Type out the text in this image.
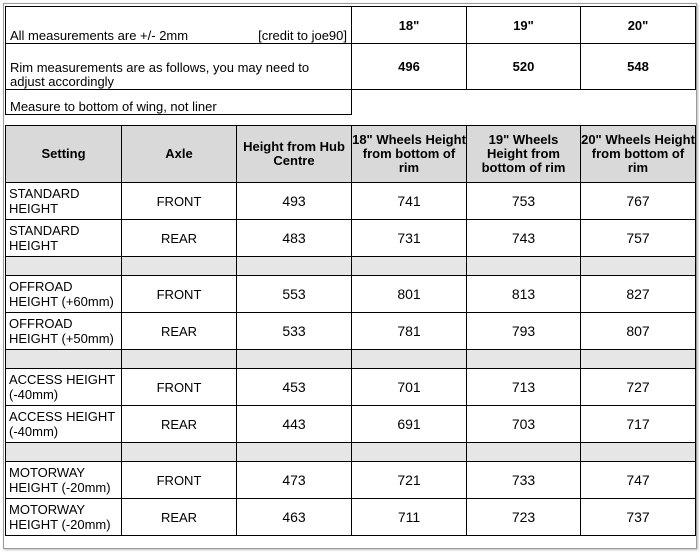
All measurements are +/- 2mm [credit to joe90]	18"	19"	20"
Rim measurements are as follows, you may need to adjust accordingly	496	520	548
Measure to bottom of wing, not liner			
Setting	Axle	Height from Hub Centre	18" Wheels Height from bottom of rim	19" Wheels Height from bottom of rim	20" Wheels Height from bottom of rim
STANDARD HEIGHT	FRONT	493	741	753	767
STANDARD HEIGHT	REAR	483	731	743	757

OFFROAD HEIGHT (+60mm)	FRONT	553	801	813	827
OFFROAD HEIGHT (+50mm)	REAR	533	781	793	807

ACCESS HEIGHT (-40mm)	FRONT	453	701	713	727
ACCESS HEIGHT (-40mm)	REAR	443	691	703	717

MOTORWAY HEIGHT (-20mm)	FRONT	473	721	733	747
MOTORWAY HEIGHT (-20mm)	REAR	463	711	723	737
